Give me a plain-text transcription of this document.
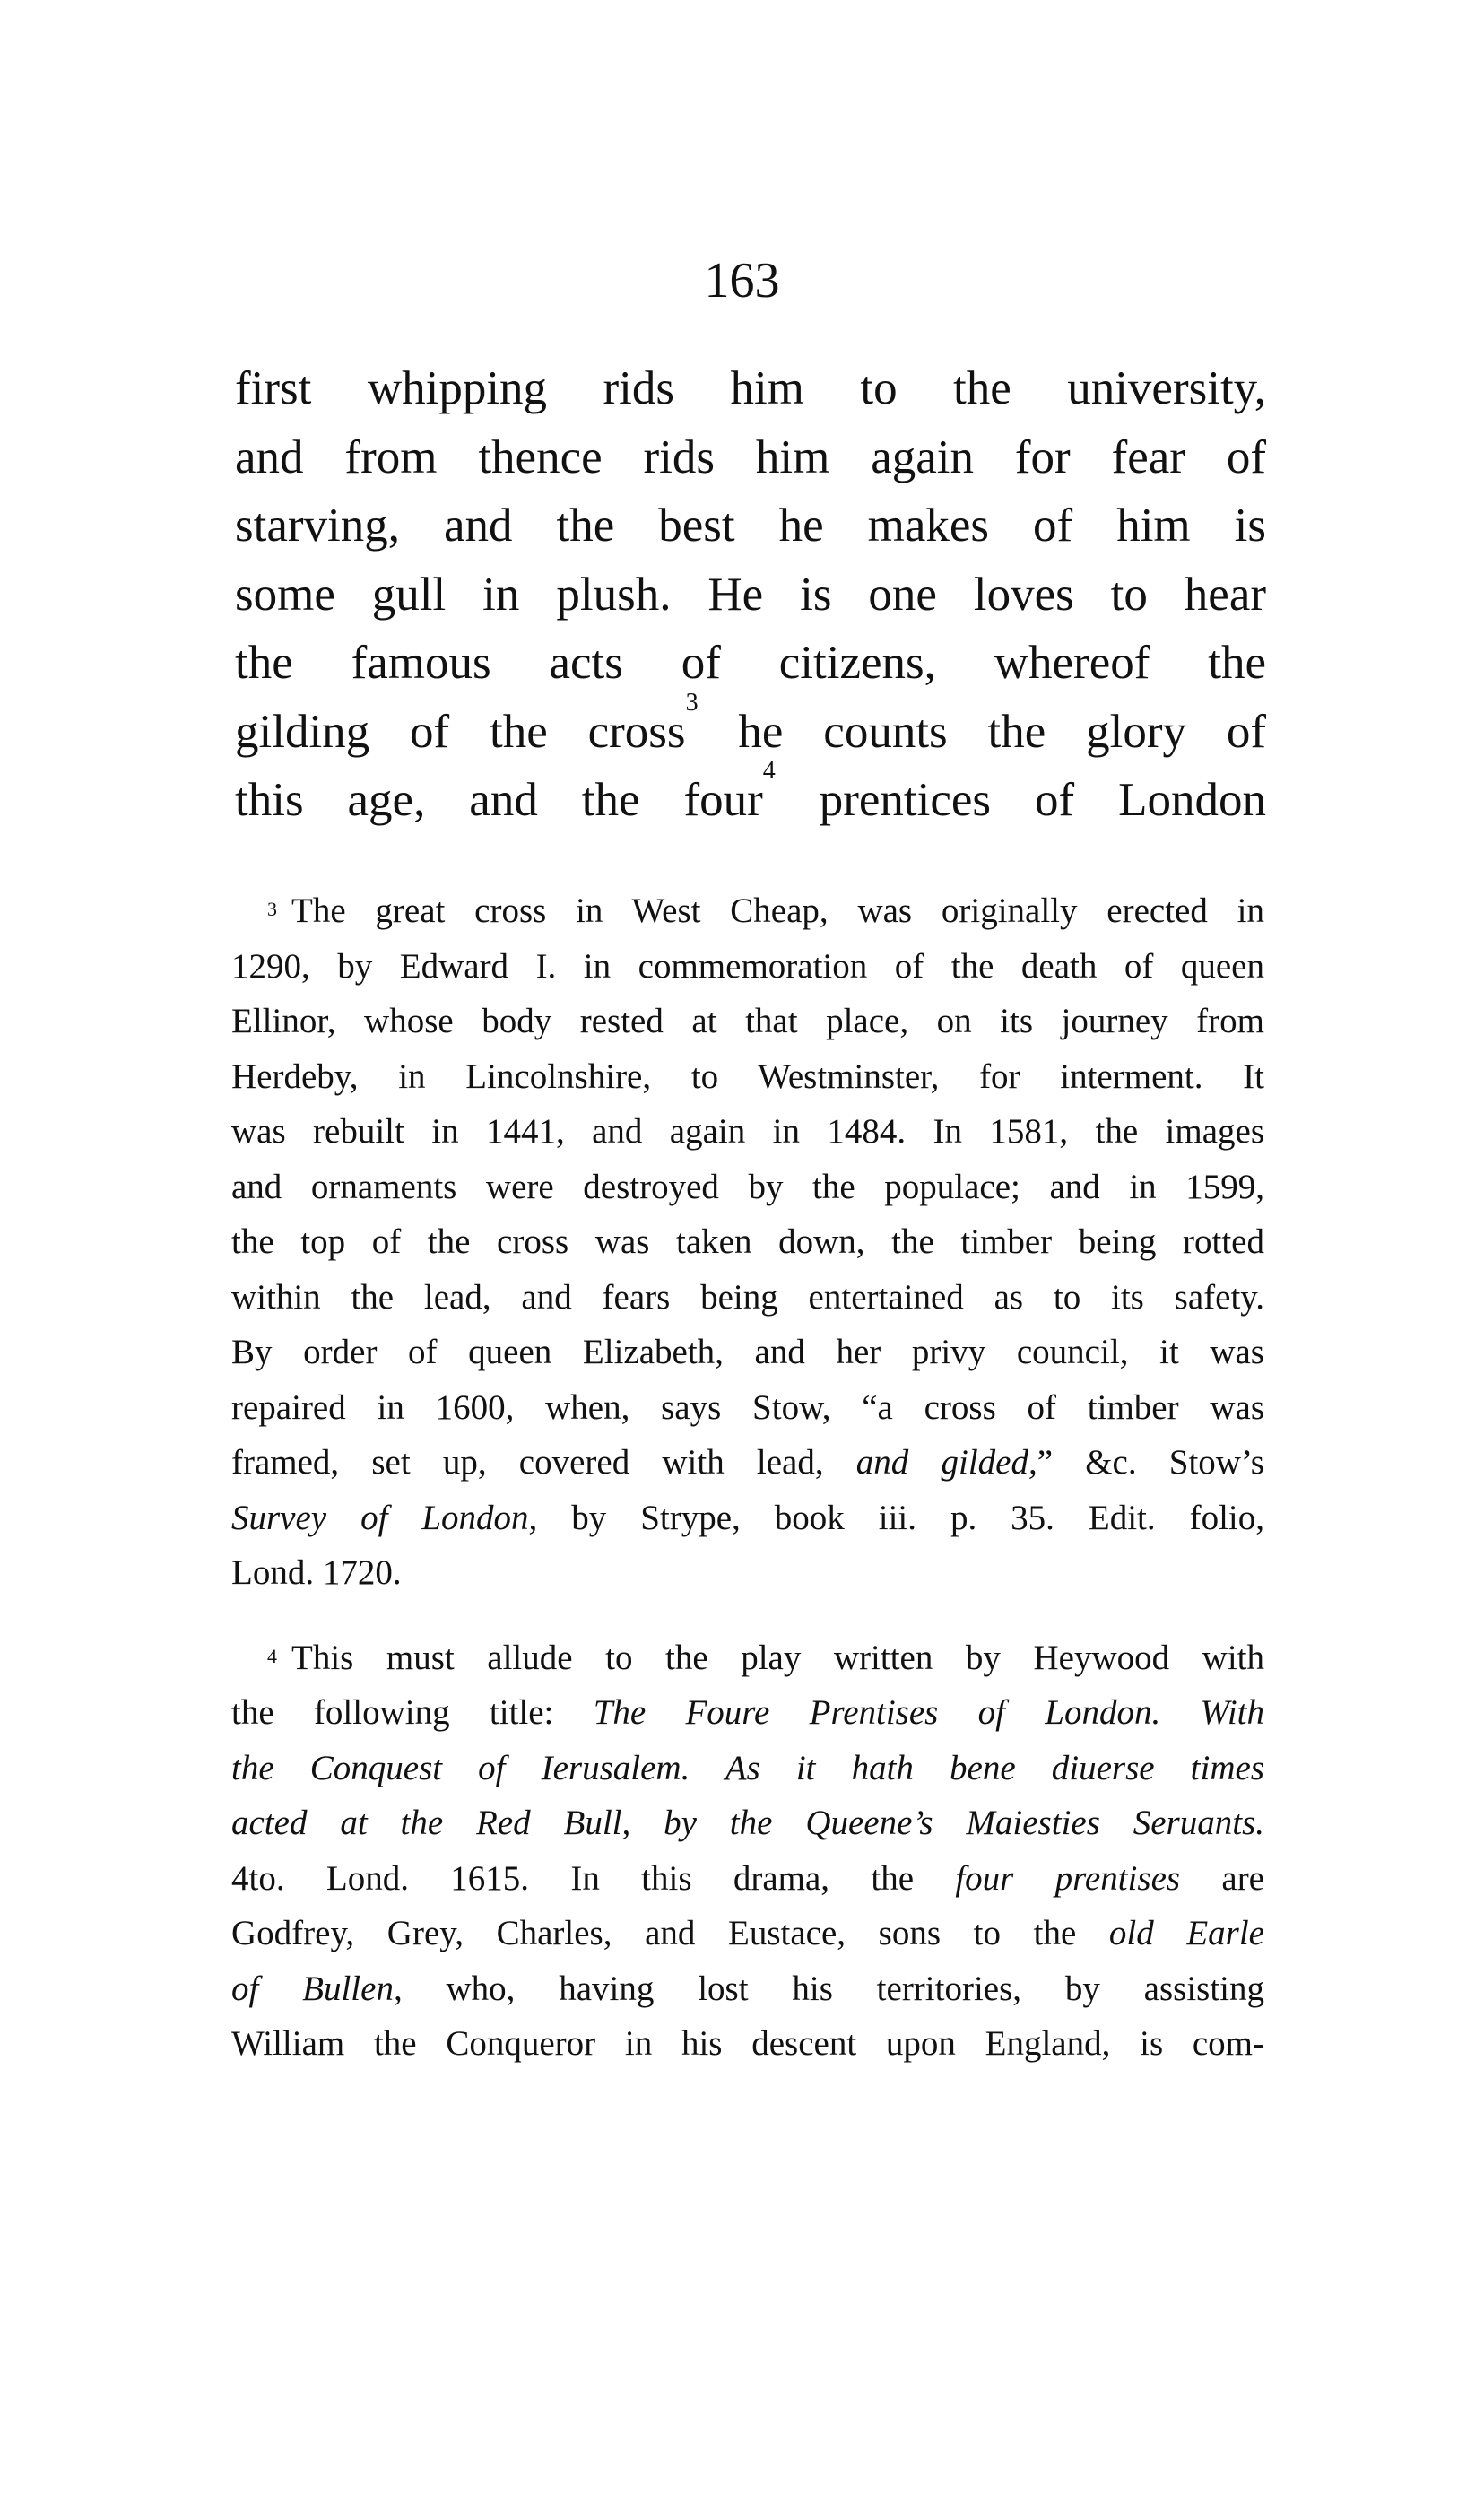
163
first whipping rids him to the university,
and from thence rids him again for fear of
starving, and the best he makes of him is
some gull in plush. He is one loves to hear
the famous acts of citizens, whereof the
gilding of the cross$^3$ he counts the glory of
this age, and the four$^4$ prentices of London
$^3$ The great cross in West Cheap, was originally erected in
1290, by Edward I. in commemoration of the death of queen
Ellinor, whose body rested at that place, on its journey from
Herdeby, in Lincolnshire, to Westminster, for interment. It
was rebuilt in 1441, and again in 1484. In 1581, the images
and ornaments were destroyed by the populace; and in 1599,
the top of the cross was taken down, the timber being rotted
within the lead, and fears being entertained as to its safety.
By order of queen Elizabeth, and her privy council, it was
repaired in 1600, when, says Stow, “a cross of timber was
framed, set up, covered with lead, and gilded,” &c. Stow’s
Survey of London, by Strype, book iii. p. 35. Edit. folio,
Lond. 1720.
$^4$ This must allude to the play written by Heywood with
the following title: The Foure Prentises of London. With
the Conquest of Ierusalem. As it hath bene diuerse times
acted at the Red Bull, by the Queene’s Maiesties Seruants.
4to. Lond. 1615. In this drama, the four prentises are
Godfrey, Grey, Charles, and Eustace, sons to the old Earle
of Bullen, who, having lost his territories, by assisting
William the Conqueror in his descent upon England, is com-
